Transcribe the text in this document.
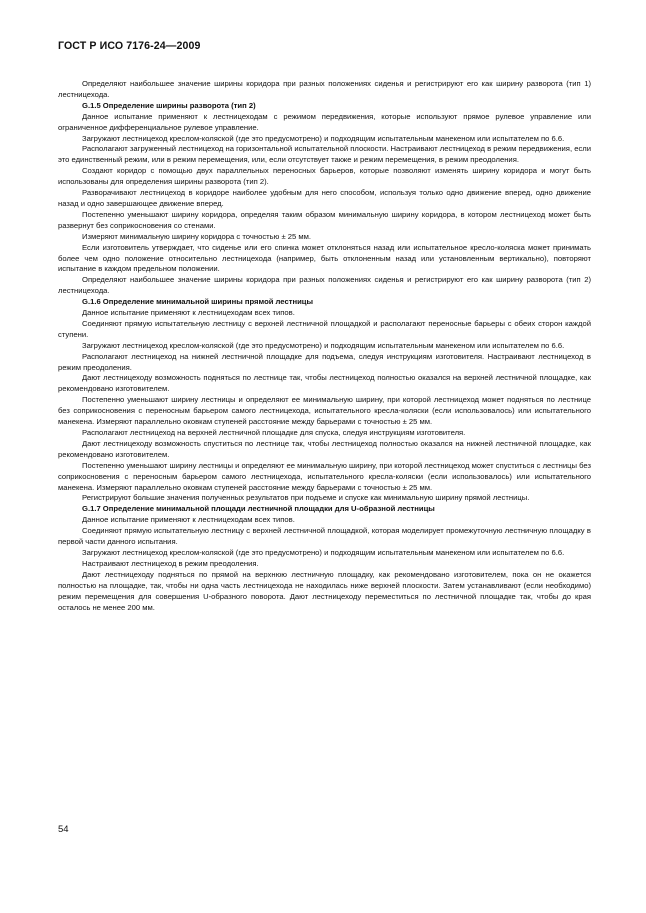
ГОСТ Р ИСО 7176-24—2009

Определяют наибольшее значение ширины коридора при разных положениях сиденья и регистрируют его как ширину разворота (тип 1) лестницехода.

G.1.5 Определение ширины разворота (тип 2)

Данное испытание применяют к лестницеходам с режимом передвижения, которые используют прямое рулевое управление или ограниченное дифференциальное рулевое управление.

Загружают лестницеход креслом-коляской (где это предусмотрено) и подходящим испытательным манекеном или испытателем по 6.6.

Располагают загруженный лестницеход на горизонтальной испытательной плоскости. Настраивают лестницеход в режим передвижения, если это единственный режим, или в режим перемещения, или, если отсутствует также и режим перемещения, в режим преодоления.

Создают коридор с помощью двух параллельных переносных барьеров, которые позволяют изменять ширину коридора и могут быть использованы для определения ширины разворота (тип 2).

Разворачивают лестницеход в коридоре наиболее удобным для него способом, используя только одно движение вперед, одно движение назад и одно завершающее движение вперед.

Постепенно уменьшают ширину коридора, определяя таким образом минимальную ширину коридора, в котором лестницеход может быть развернут без соприкосновения со стенами.

Измеряют минимальную ширину коридора с точностью ± 25 мм.

Если изготовитель утверждает, что сиденье или его спинка может отклоняться назад или испытательное кресло-коляска может принимать более чем одно положение относительно лестницехода (например, быть отклоненным назад или установленным вертикально), повторяют испытание в каждом предельном положении.

Определяют наибольшее значение ширины коридора при разных положениях сиденья и регистрируют его как ширину разворота (тип 2) лестницехода.

G.1.6 Определение минимальной ширины прямой лестницы

Данное испытание применяют к лестницеходам всех типов.

Соединяют прямую испытательную лестницу с верхней лестничной площадкой и располагают переносные барьеры с обеих сторон каждой ступени.

Загружают лестницеход креслом-коляской (где это предусмотрено) и подходящим испытательным манекеном или испытателем по 6.6.

Располагают лестницеход на нижней лестничной площадке для подъема, следуя инструкциям изготовителя. Настраивают лестницеход в режим преодоления.

Дают лестницеходу возможность подняться по лестнице так, чтобы лестницеход полностью оказался на верхней лестничной площадке, как рекомендовано изготовителем.

Постепенно уменьшают ширину лестницы и определяют ее минимальную ширину, при которой лестницеход может подняться по лестнице без соприкосновения с переносным барьером самого лестницехода, испытательного кресла-коляски (если использовалось) или испытательного манекена. Измеряют параллельно оковкам ступеней расстояние между барьерами с точностью ± 25 мм.

Располагают лестницеход на верхней лестничной площадке для спуска, следуя инструкциям изготовителя.

Дают лестницеходу возможность спуститься по лестнице так, чтобы лестницеход полностью оказался на нижней лестничной площадке, как рекомендовано изготовителем.

Постепенно уменьшают ширину лестницы и определяют ее минимальную ширину, при которой лестницеход может спуститься с лестницы без соприкосновения с переносным барьером самого лестницехода, испытательного кресла-коляски (если использовалось) или испытательного манекена. Измеряют параллельно оковкам ступеней расстояние между барьерами с точностью ± 25 мм.

Регистрируют большие значения полученных результатов при подъеме и спуске как минимальную ширину прямой лестницы.

G.1.7 Определение минимальной площади лестничной площадки для U-образной лестницы

Данное испытание применяют к лестницеходам всех типов.

Соединяют прямую испытательную лестницу с верхней лестничной площадкой, которая моделирует промежуточную лестничную площадку в первой части данного испытания.

Загружают лестницеход креслом-коляской (где это предусмотрено) и подходящим испытательным манекеном или испытателем по 6.6.

Настраивают лестницеход в режим преодоления.

Дают лестницеходу подняться по прямой на верхнюю лестничную площадку, как рекомендовано изготовителем, пока он не окажется полностью на площадке, так, чтобы ни одна часть лестницехода не находилась ниже верхней плоскости. Затем устанавливают (если необходимо) режим перемещения для совершения U-образного поворота. Дают лестницеходу переместиться по лестничной площадке так, чтобы до края осталось не менее 200 мм.

54
